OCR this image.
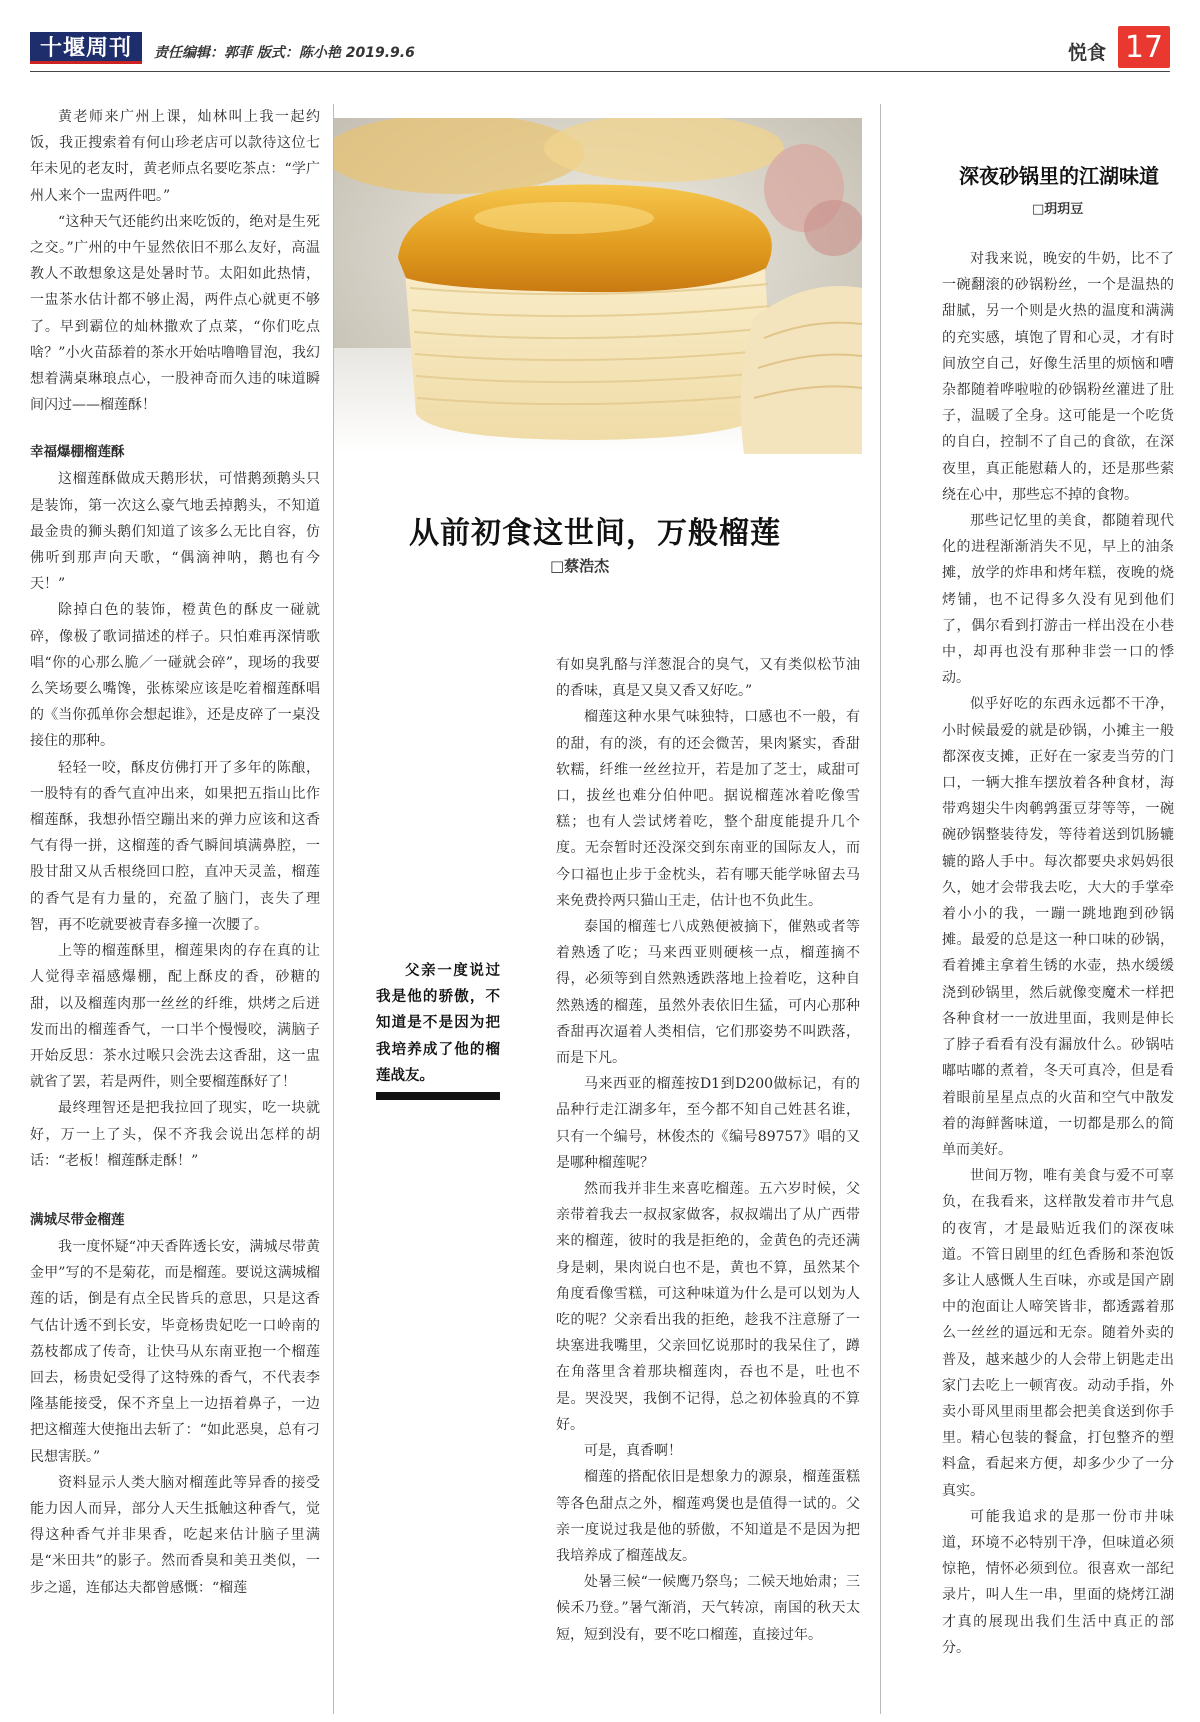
十堰周刊 责任编辑：郭菲 版式：陈小艳 2019.9.6	悦食 17

黄老师来广州上课，灿林叫上我一起约饭，我正搜索着有何山珍老店可以款待这位七年未见的老友时，黄老师点名要吃茶点：“学广州人来个一盅两件吧。”

“这种天气还能约出来吃饭的，绝对是生死之交。”广州的中午显然依旧不那么友好，高温教人不敢想象这是处暑时节。太阳如此热情，一盅茶水估计都不够止渴，两件点心就更不够了。早到霸位的灿林撒欢了点菜，“你们吃点啥？”小火苗舔着的茶水开始咕噜噜冒泡，我幻想着满桌琳琅点心，一股神奇而久违的味道瞬间闪过——榴莲酥！

幸福爆棚榴莲酥

这榴莲酥做成天鹅形状，可惜鹅颈鹅头只是装饰，第一次这么豪气地丢掉鹅头，不知道最金贵的狮头鹅们知道了该多么无比自容，仿佛听到那声向天歌，“偶滴神呐，鹅也有今天！”

除掉白色的装饰，橙黄色的酥皮一碰就碎，像极了歌词描述的样子。只怕难再深情歌唱“你的心那么脆／一碰就会碎”，现场的我要么笑场要么嘴馋，张栋梁应该是吃着榴莲酥唱的《当你孤单你会想起谁》，还是皮碎了一桌没接住的那种。

轻轻一咬，酥皮仿佛打开了多年的陈酿，一股特有的香气直冲出来，如果把五指山比作榴莲酥，我想孙悟空蹦出来的弹力应该和这香气有得一拼，这榴莲的香气瞬间填满鼻腔，一股甘甜又从舌根绕回口腔，直冲天灵盖，榴莲的香气是有力量的，充盈了脑门，丧失了理智，再不吃就要被青春多撞一次腰了。

上等的榴莲酥里，榴莲果肉的存在真的让人觉得幸福感爆棚，配上酥皮的香，砂糖的甜，以及榴莲肉那一丝丝的纤维，烘烤之后迸发而出的榴莲香气，一口半个慢慢咬，满脑子开始反思：茶水过喉只会洗去这香甜，这一盅就省了罢，若是两件，则全要榴莲酥好了！

最终理智还是把我拉回了现实，吃一块就好，万一上了头，保不齐我会说出怎样的胡话：“老板！榴莲酥走酥！”

满城尽带金榴莲

我一度怀疑“冲天香阵透长安，满城尽带黄金甲”写的不是菊花，而是榴莲。要说这满城榴莲的话，倒是有点全民皆兵的意思，只是这香气估计透不到长安，毕竟杨贵妃吃一口岭南的荔枝都成了传奇，让快马从东南亚抱一个榴莲回去，杨贵妃受得了这特殊的香气，不代表李隆基能接受，保不齐皇上一边捂着鼻子，一边把这榴莲大使拖出去斩了：“如此恶臭，总有刁民想害朕。”

资料显示人类大脑对榴莲此等异香的接受能力因人而异，部分人天生抵触这种香气，觉得这种香气并非果香，吃起来估计脑子里满是“米田共”的影子。然而香臭和美丑类似，一步之遥，连郁达夫都曾感慨：“榴莲

从前初食这世间，万般榴莲
□蔡浩杰
父亲一度说过我是他的骄傲，不知道是不是因为把我培养成了他的榴莲战友。

有如臭乳酪与洋葱混合的臭气，又有类似松节油的香味，真是又臭又香又好吃。”

榴莲这种水果气味独特，口感也不一般，有的甜，有的淡，有的还会微苦，果肉紧实，香甜软糯，纤维一丝丝拉开，若是加了芝士，咸甜可口，拔丝也难分伯仲吧。据说榴莲冰着吃像雪糕；也有人尝试烤着吃，整个甜度能提升几个度。无奈暂时还没深交到东南亚的国际友人，而今口福也止步于金枕头，若有哪天能学咏留去马来免费拎两只猫山王走，估计也不负此生。

泰国的榴莲七八成熟便被摘下，催熟或者等着熟透了吃；马来西亚则硬核一点，榴莲摘不得，必须等到自然熟透跌落地上捡着吃，这种自然熟透的榴莲，虽然外表依旧生猛，可内心那种香甜再次逼着人类相信，它们那姿势不叫跌落，而是下凡。

马来西亚的榴莲按D1到D200做标记，有的品种行走江湖多年，至今都不知自己姓甚名谁，只有一个编号，林俊杰的《编号89757》唱的又是哪种榴莲呢？

然而我并非生来喜吃榴莲。五六岁时候，父亲带着我去一叔叔家做客，叔叔端出了从广西带来的榴莲，彼时的我是拒绝的，金黄色的壳还满身是刺，果肉说白也不是，黄也不算，虽然某个角度看像雪糕，可这种味道为什么是可以划为人吃的呢？父亲看出我的拒绝，趁我不注意掰了一块塞进我嘴里，父亲回忆说那时的我呆住了，蹲在角落里含着那块榴莲肉，吞也不是，吐也不是。哭没哭，我倒不记得，总之初体验真的不算好。

可是，真香啊！

榴莲的搭配依旧是想象力的源泉，榴莲蛋糕等各色甜点之外，榴莲鸡煲也是值得一试的。父亲一度说过我是他的骄傲，不知道是不是因为把我培养成了榴莲战友。

处暑三候“一候鹰乃祭鸟；二候天地始肃；三候禾乃登。”暑气渐消，天气转凉，南国的秋天太短，短到没有，要不吃口榴莲，直接过年。

深夜砂锅里的江湖味道
□玥玥豆

对我来说，晚安的牛奶，比不了一碗翻滚的砂锅粉丝，一个是温热的甜腻，另一个则是火热的温度和满满的充实感，填饱了胃和心灵，才有时间放空自己，好像生活里的烦恼和嘈杂都随着哗啦啦的砂锅粉丝灌进了肚子，温暖了全身。这可能是一个吃货的自白，控制不了自己的食欲，在深夜里，真正能慰藉人的，还是那些萦绕在心中，那些忘不掉的食物。

那些记忆里的美食，都随着现代化的进程渐渐消失不见，早上的油条摊，放学的炸串和烤年糕，夜晚的烧烤铺，也不记得多久没有见到他们了，偶尔看到打游击一样出没在小巷中，却再也没有那种非尝一口的悸动。

似乎好吃的东西永远都不干净，小时候最爱的就是砂锅，小摊主一般都深夜支摊，正好在一家麦当劳的门口，一辆大推车摆放着各种食材，海带鸡翅尖牛肉鹌鹑蛋豆芽等等，一碗碗砂锅整装待发，等待着送到饥肠辘辘的路人手中。每次都要央求妈妈很久，她才会带我去吃，大大的手掌牵着小小的我，一蹦一跳地跑到砂锅摊。最爱的总是这一种口味的砂锅，看着摊主拿着生锈的水壶，热水缓缓浇到砂锅里，然后就像变魔术一样把各种食材一一放进里面，我则是伸长了脖子看看有没有漏放什么。砂锅咕嘟咕嘟的煮着，冬天可真冷，但是看着眼前星星点点的火苗和空气中散发着的海鲜酱味道，一切都是那么的简单而美好。

世间万物，唯有美食与爱不可辜负，在我看来，这样散发着市井气息的夜宵，才是最贴近我们的深夜味道。不管日剧里的红色香肠和茶泡饭多让人感慨人生百味，亦或是国产剧中的泡面让人啼笑皆非，都透露着那么一丝丝的逼远和无奈。随着外卖的普及，越来越少的人会带上钥匙走出家门去吃上一顿宵夜。动动手指，外卖小哥风里雨里都会把美食送到你手里。精心包装的餐盒，打包整齐的塑料盒，看起来方便，却多少少了一分真实。

可能我追求的是那一份市井味道，环境不必特别干净，但味道必须惊艳，情怀必须到位。很喜欢一部纪录片，叫人生一串，里面的烧烤江湖才真的展现出我们生活中真正的部分。
